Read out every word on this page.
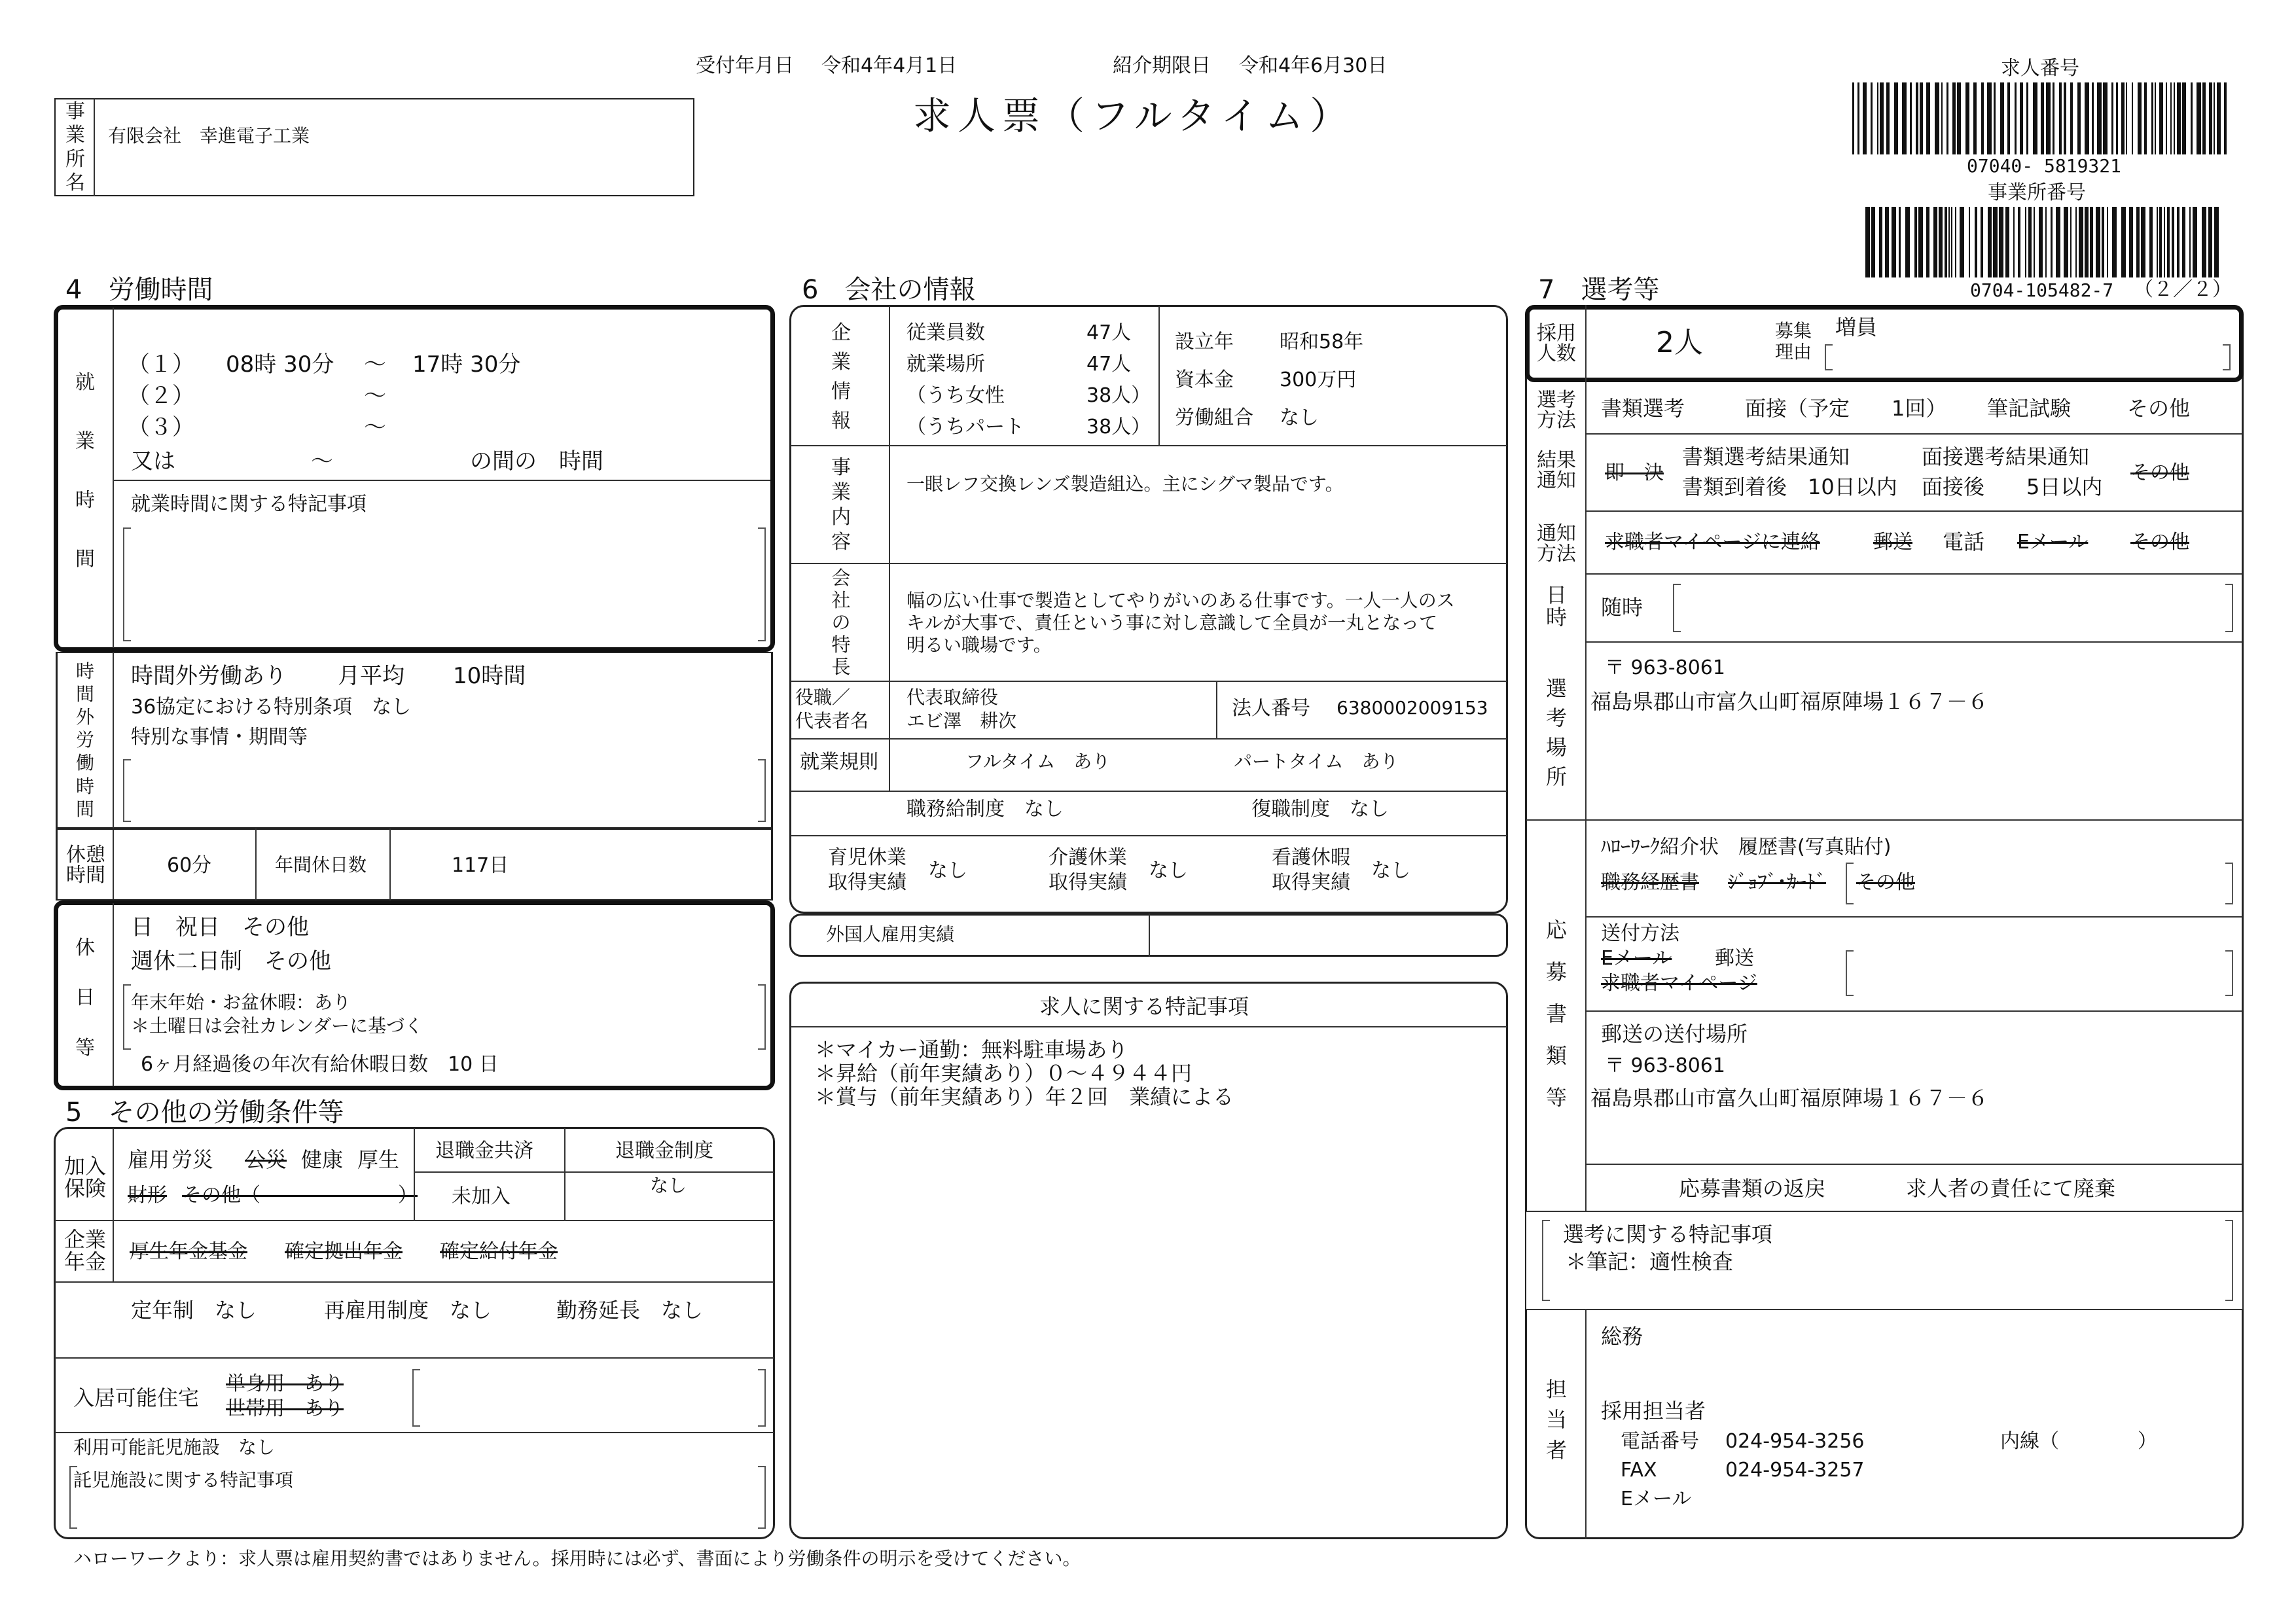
受付年月日 令和4年4月1日	紹介期限日 令和4年6月30日
求人票（フルタイム）
事
業
所
名
有限会社　幸進電子工業
求人番号
07040- 5819321
事業所番号
0704-105482-7 （２／２）
4　労働時間
就
業
時
間
（１） 08時 30分 ～ 17時 30分
（２）	～
（３）	～
又は	～	の間の　時間
就業時間に関する特記事項
時
間
外
労
働
時
間
時間外労働あり 月平均 10時間
36協定における特別条項　なし
特別な事情・期間等
休憩
時間	60分	年間休日数	117日
休
日
等
日　祝日　その他
週休二日制　その他
年末年始・お盆休暇：あり
＊土曜日は会社カレンダーに基づく
6ヶ月経過後の年次有給休暇日数　10 日
5　その他の労働条件等
加入
保険
雇用 労災 公災 健康 厚生
財形 その他（　　　　　　　）
退職金共済
未加入
退職金制度
なし
企業
年金 厚生年金基金 確定拠出年金 確定給付年金
定年制　なし	再雇用制度　なし	勤務延長　なし
入居可能住宅
単身用　あり
世帯用　あり
利用可能託児施設　なし
託児施設に関する特記事項
6　会社の情報
企
業
情
報
従業員数	47人
就業場所	47人
（うち女性	38人）
（うちパート	38人）
設立年 昭和58年
資本金 300万円
労働組合 なし
事
業
内
容
一眼レフ交換レンズ製造組込。主にシグマ製品です。
会
社
の
特
長
幅の広い仕事で製造としてやりがいのある仕事です。一人一人のス
キルが大事で、責任という事に対し意識して全員が一丸となって
明るい職場です。
役職／
代表者名
代表取締役
エビ澤　耕次
法人番号 6380002009153
就業規則	フルタイム　あり	パートタイム　あり
職務給制度　なし	復職制度　なし
育児休業
取得実績
なし
介護休業
取得実績
なし
看護休暇
取得実績
なし
外国人雇用実績
求人に関する特記事項
＊マイカー通勤：無料駐車場あり
＊昇給（前年実績あり）０～４９４４円
＊賞与（前年実績あり）年２回　業績による
7　選考等
採用
人数	2人	募集
理由
増員
選考
方法 書類選考	面接（予定　　1回） 筆記試験	その他
結果
通知 即　決
書類選考結果通知
書類到着後　10日以内
面接選考結果通知
面接後　　5日以内
その他
通知
方法
求職者マイページに連絡	郵送 電話 Eメール その他
日
時 随時
選
考
場
所
〒 963-8061
福島県郡山市富久山町福原陣場１６７－６
応
募
書
類
等
ﾊﾛｰﾜｰｸ紹介状　履歴書(写真貼付)
職務経歴書 ｼﾞｮﾌﾞ･ｶｰﾄﾞ その他
送付方法
Eメール 郵送
求職者マイページ
郵送の送付場所
〒 963-8061
福島県郡山市富久山町福原陣場１６７－６
応募書類の返戻	求人者の責任にて廃棄
選考に関する特記事項
＊筆記：適性検査
担
当
者
総務
採用担当者
電話番号 024-954-3256	内線（　　　　）
FAX	024-954-3257
Eメール
ハローワークより：求人票は雇用契約書ではありません。採用時には必ず、書面により労働条件の明示を受けてください。
